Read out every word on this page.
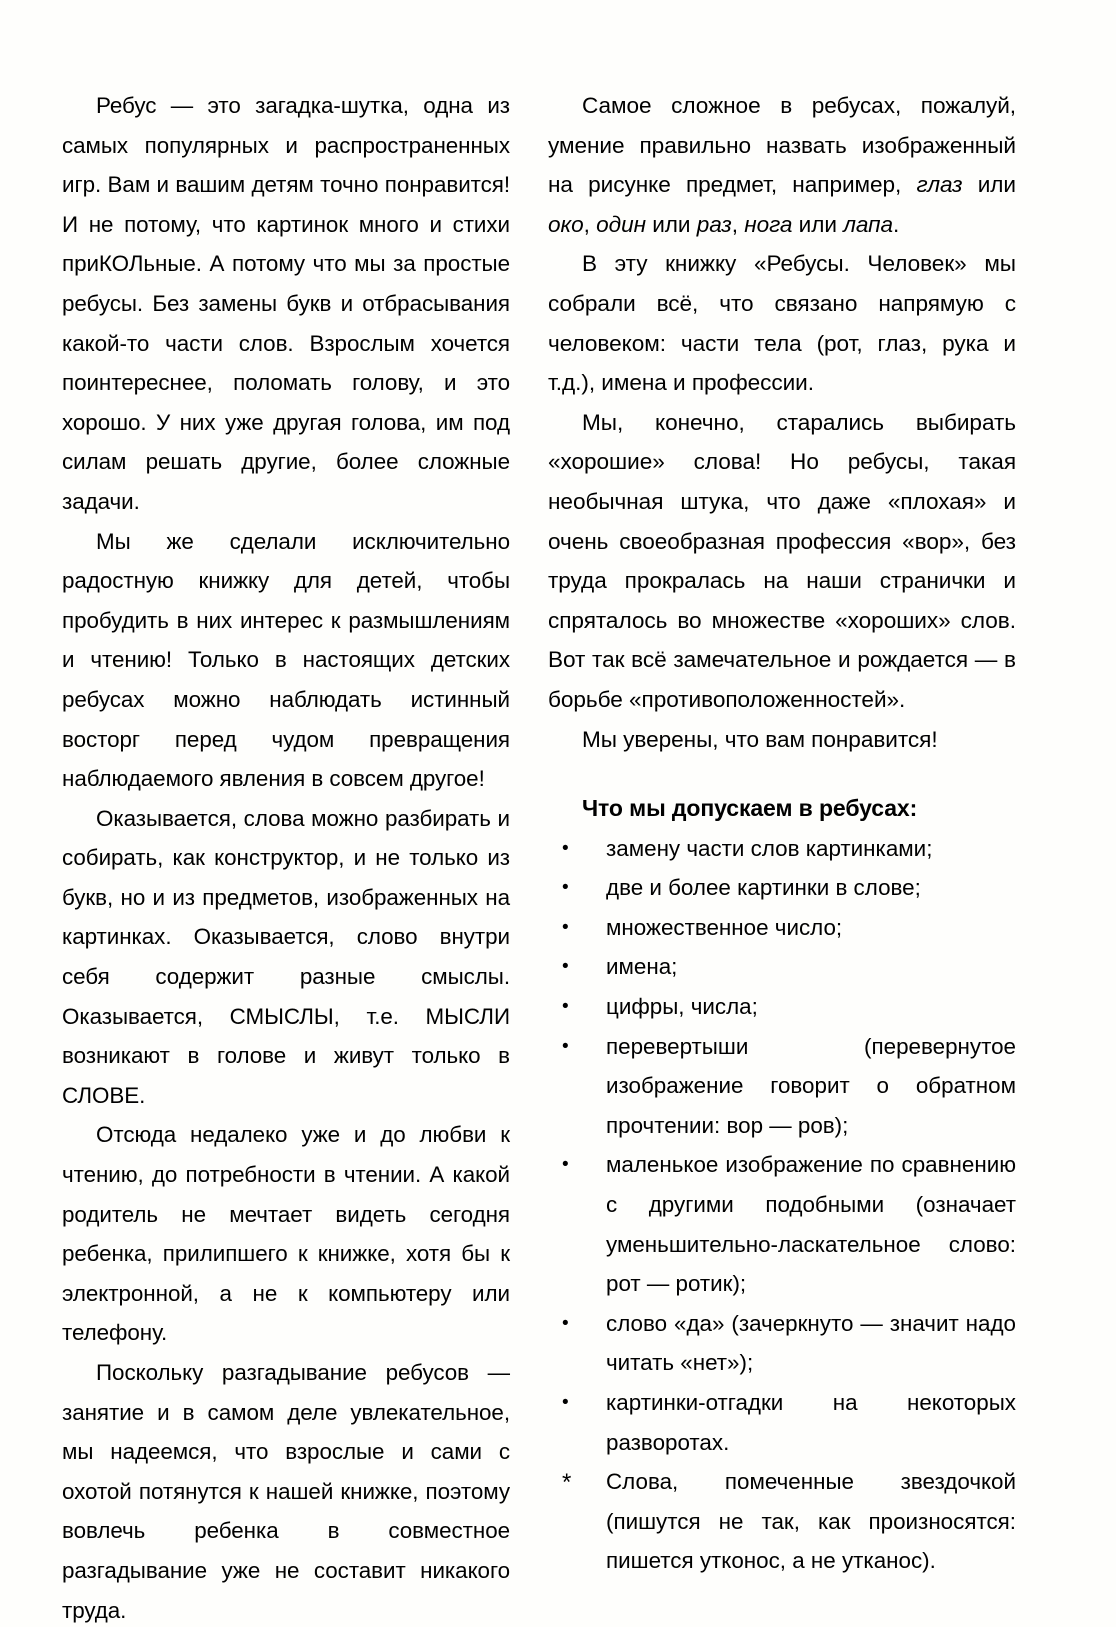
Ребус — это загадка-шутка, одна из самых популярных и распространенных игр. Вам и вашим детям точно понравится! И не потому, что картинок много и стихи приКОЛьные. А потому что мы за простые ребусы. Без замены букв и отбрасывания какой-то части слов. Взрослым хочется поинтереснее, поломать голову, и это хорошо. У них уже другая голова, им под силам решать другие, более сложные задачи.

Мы же сделали исключительно радостную книжку для детей, чтобы пробудить в них интерес к размышлениям и чтению! Только в настоящих детских ребусах можно наблюдать истинный восторг перед чудом превращения наблюдаемого явления в совсем другое!

Оказывается, слова можно разбирать и собирать, как конструктор, и не только из букв, но и из предметов, изображенных на картинках. Оказывается, слово внутри себя содержит разные смыслы. Оказывается, СМЫСЛЫ, т.е. МЫСЛИ возникают в голове и живут только в СЛОВЕ.

Отсюда недалеко уже и до любви к чтению, до потребности в чтении. А какой родитель не мечтает видеть сегодня ребенка, прилипшего к книжке, хотя бы к электронной, а не к компьютеру или телефону.

Поскольку разгадывание ребусов — занятие и в самом деле увлекательное, мы надеемся, что взрослые и сами с охотой потянутся к нашей книжке, поэтому вовлечь ребенка в совместное разгадывание уже не составит никакого труда.

Самое сложное в ребусах, пожалуй, умение правильно назвать изображенный на рисунке предмет, например, глаз или око, один или раз, нога или лапа.

В эту книжку «Ребусы. Человек» мы собрали всё, что связано напрямую с человеком: части тела (рот, глаз, рука и т.д.), имена и профессии.

Мы, конечно, старались выбирать «хорошие» слова! Но ребусы, такая необычная штука, что даже «плохая» и очень своеобразная профессия «вор», без труда прокралась на наши странички и спряталось во множестве «хороших» слов. Вот так всё замечательное и рождается — в борьбе «противоположенностей».

Мы уверены, что вам понравится!

Что мы допускаем в ребусах:
•	замену части слов картинками;
•	две и более картинки в слове;
•	множественное число;
•	имена;
•	цифры, числа;
•	перевертыши (перевернутое изображение говорит о обратном прочтении: вор — ров);
•	маленькое изображение по сравнению с другими подобными (означает уменьшительно-ласкательное слово: рот — ротик);
•	слово «да» (зачеркнуто — значит надо читать «нет»);
•	картинки-отгадки на некоторых разворотах.
*	Слова, помеченные звездочкой (пишутся не так, как произносятся: пишется утконос, а не утканос).
